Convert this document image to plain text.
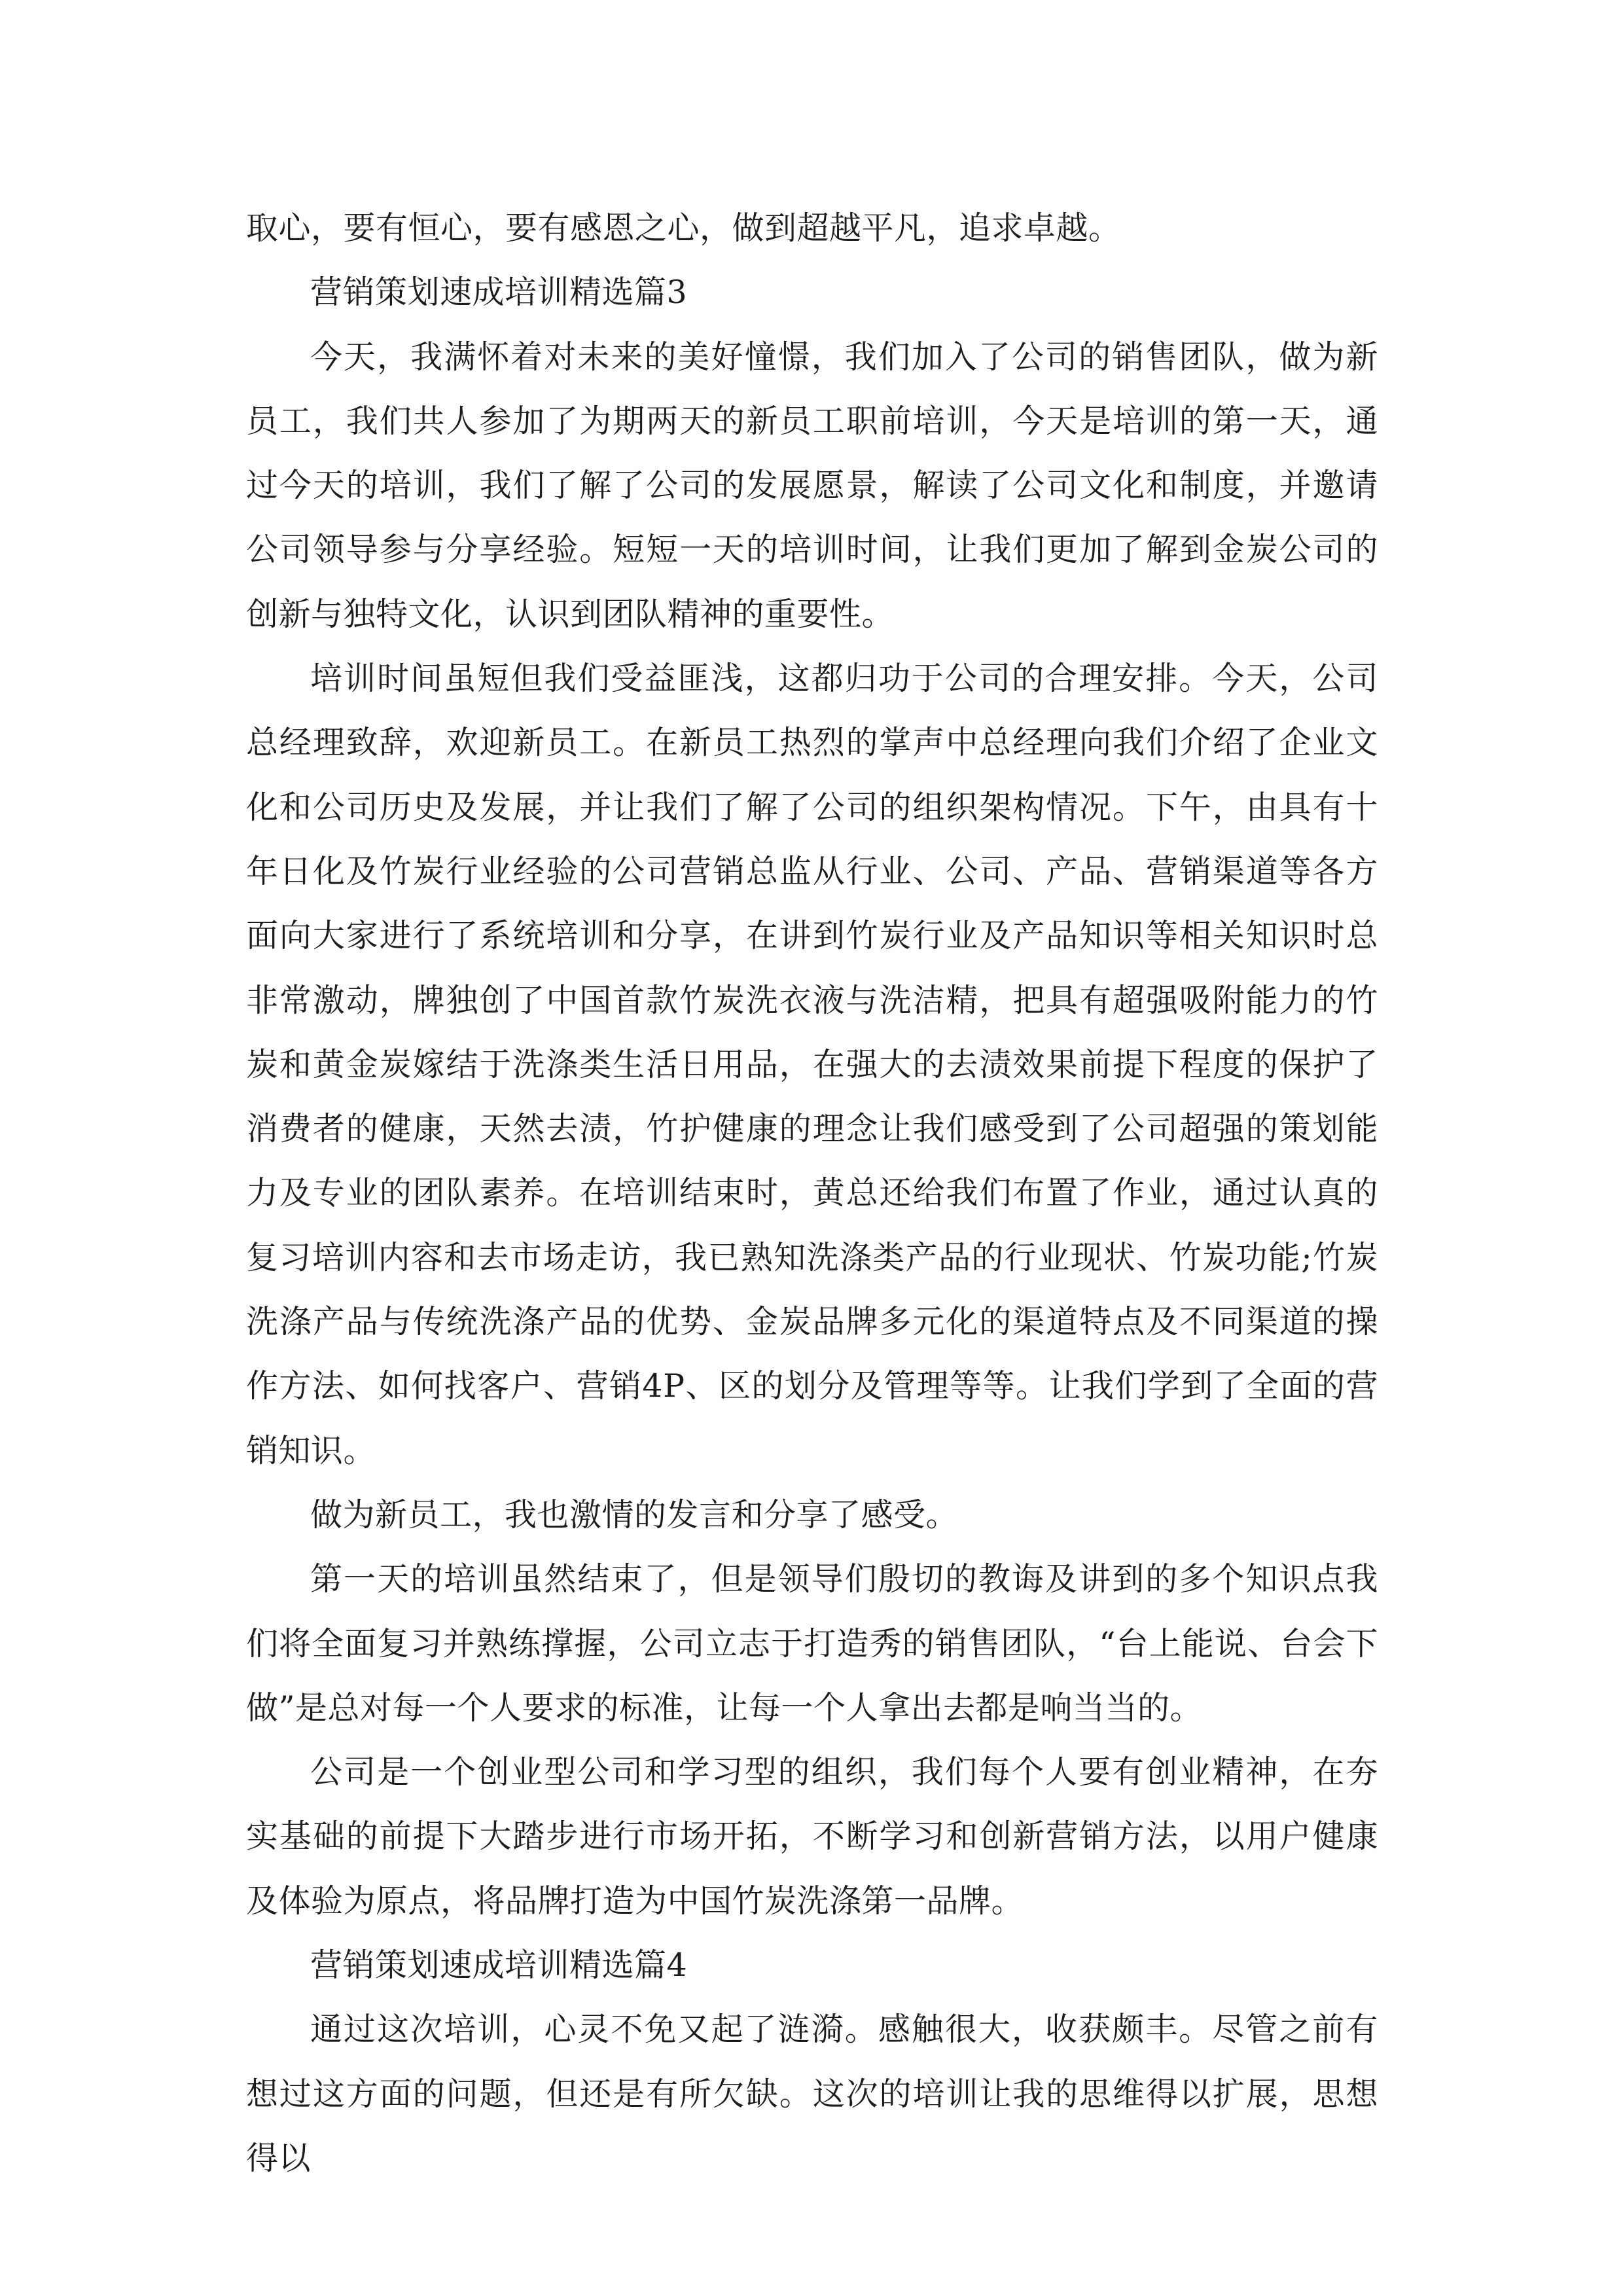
取心，要有恒心，要有感恩之心，做到超越平凡，追求卓越。

营销策划速成培训精选篇3

今天，我满怀着对未来的美好憧憬，我们加入了公司的销售团队，做为新员工，我们共人参加了为期两天的新员工职前培训，今天是培训的第一天，通过今天的培训，我们了解了公司的发展愿景，解读了公司文化和制度，并邀请公司领导参与分享经验。短短一天的培训时间，让我们更加了解到金炭公司的创新与独特文化，认识到团队精神的重要性。

培训时间虽短但我们受益匪浅，这都归功于公司的合理安排。今天，公司总经理致辞，欢迎新员工。在新员工热烈的掌声中总经理向我们介绍了企业文化和公司历史及发展，并让我们了解了公司的组织架构情况。下午，由具有十年日化及竹炭行业经验的公司营销总监从行业、公司、产品、营销渠道等各方面向大家进行了系统培训和分享，在讲到竹炭行业及产品知识等相关知识时总非常激动，牌独创了中国首款竹炭洗衣液与洗洁精，把具有超强吸附能力的竹炭和黄金炭嫁结于洗涤类生活日用品，在强大的去渍效果前提下程度的保护了消费者的健康，天然去渍，竹护健康的理念让我们感受到了公司超强的策划能力及专业的团队素养。在培训结束时，黄总还给我们布置了作业，通过认真的复习培训内容和去市场走访，我已熟知洗涤类产品的行业现状、竹炭功能;竹炭洗涤产品与传统洗涤产品的优势、金炭品牌多元化的渠道特点及不同渠道的操作方法、如何找客户、营销4P、区的划分及管理等等。让我们学到了全面的营销知识。

做为新员工，我也激情的发言和分享了感受。

第一天的培训虽然结束了，但是领导们殷切的教诲及讲到的多个知识点我们将全面复习并熟练撑握，公司立志于打造秀的销售团队，“台上能说、台会下做”是总对每一个人要求的标准，让每一个人拿出去都是响当当的。

公司是一个创业型公司和学习型的组织，我们每个人要有创业精神，在夯实基础的前提下大踏步进行市场开拓，不断学习和创新营销方法，以用户健康及体验为原点，将品牌打造为中国竹炭洗涤第一品牌。

营销策划速成培训精选篇4

通过这次培训，心灵不免又起了涟漪。感触很大，收获颇丰。尽管之前有想过这方面的问题，但还是有所欠缺。这次的培训让我的思维得以扩展，思想得以
